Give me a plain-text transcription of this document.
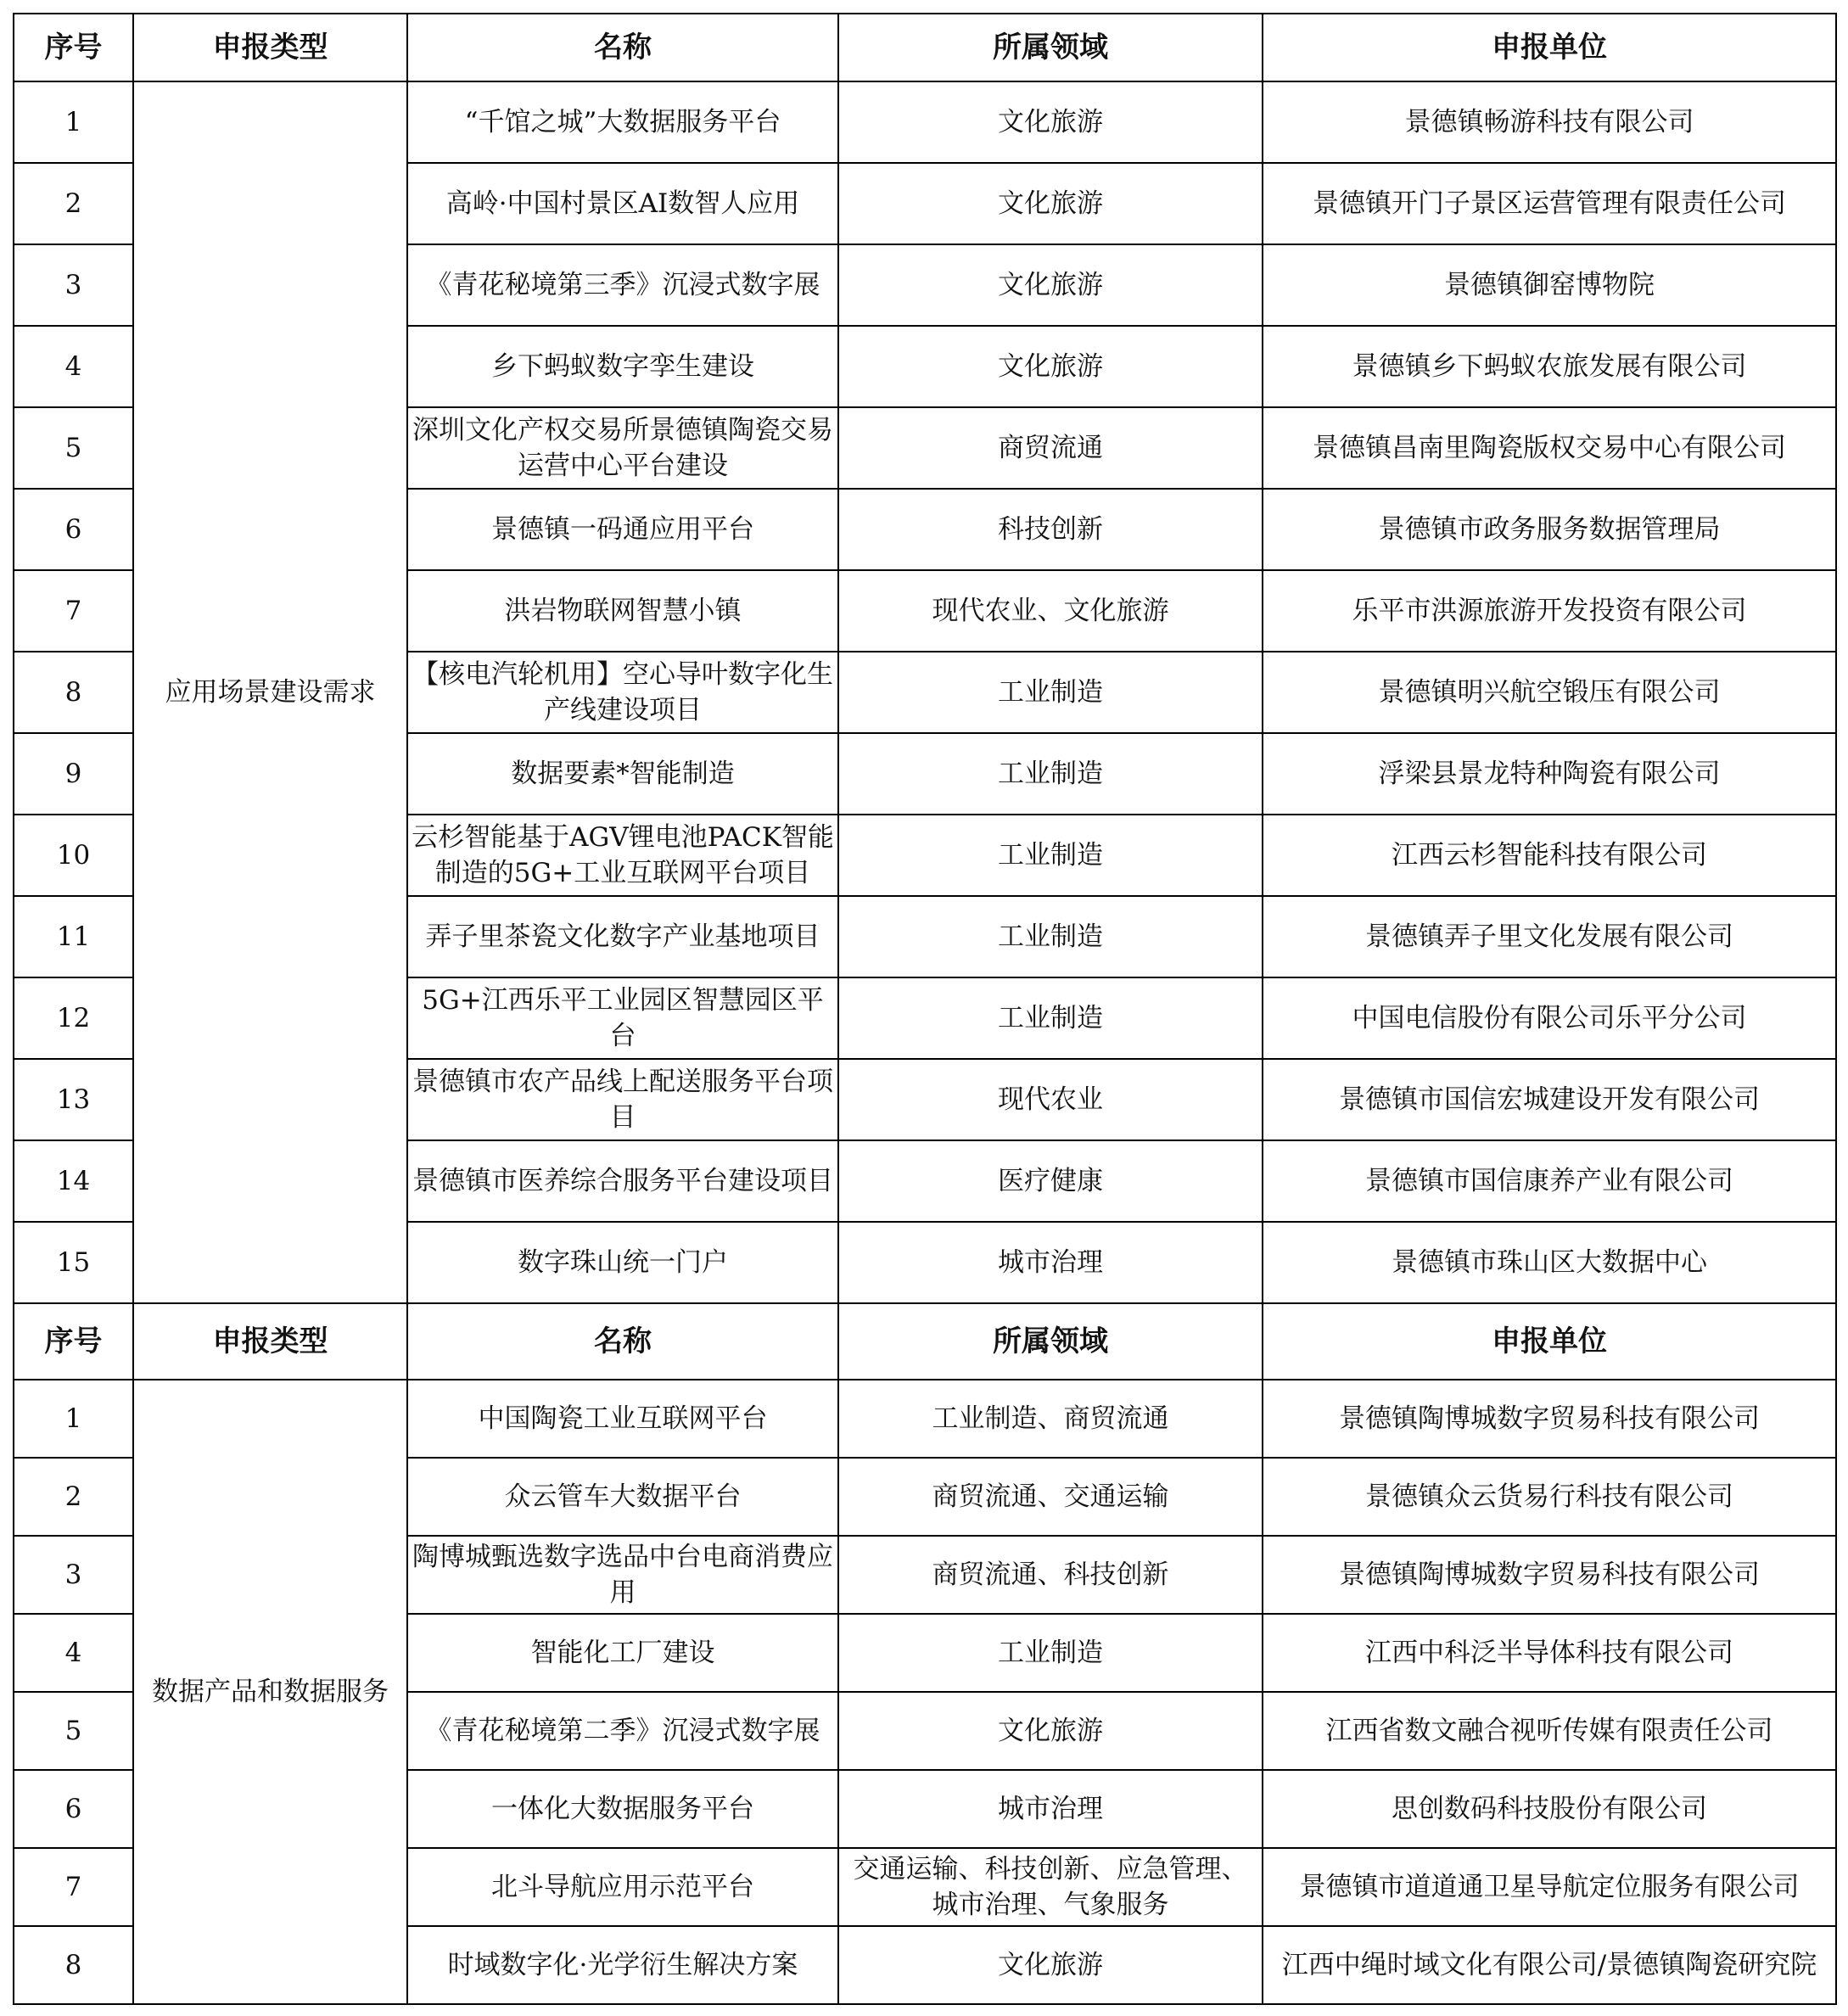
序号	申报类型	名称	所属领域	申报单位
1	应用场景建设需求	“千馆之城”大数据服务平台	文化旅游	景德镇畅游科技有限公司
2		高岭·中国村景区AI数智人应用	文化旅游	景德镇开门子景区运营管理有限责任公司
3		《青花秘境第三季》沉浸式数字展	文化旅游	景德镇御窑博物院
4		乡下蚂蚁数字孪生建设	文化旅游	景德镇乡下蚂蚁农旅发展有限公司
5		深圳文化产权交易所景德镇陶瓷交易运营中心平台建设	商贸流通	景德镇昌南里陶瓷版权交易中心有限公司
6		景德镇一码通应用平台	科技创新	景德镇市政务服务数据管理局
7		洪岩物联网智慧小镇	现代农业、文化旅游	乐平市洪源旅游开发投资有限公司
8		【核电汽轮机用】空心导叶数字化生产线建设项目	工业制造	景德镇明兴航空锻压有限公司
9		数据要素*智能制造	工业制造	浮梁县景龙特种陶瓷有限公司
10		云杉智能基于AGV锂电池PACK智能制造的5G+工业互联网平台项目	工业制造	江西云杉智能科技有限公司
11		弄子里茶瓷文化数字产业基地项目	工业制造	景德镇弄子里文化发展有限公司
12		5G+江西乐平工业园区智慧园区平台	工业制造	中国电信股份有限公司乐平分公司
13		景德镇市农产品线上配送服务平台项目	现代农业	景德镇市国信宏城建设开发有限公司
14		景德镇市医养综合服务平台建设项目	医疗健康	景德镇市国信康养产业有限公司
15		数字珠山统一门户	城市治理	景德镇市珠山区大数据中心
序号	申报类型	名称	所属领域	申报单位
1	数据产品和数据服务	中国陶瓷工业互联网平台	工业制造、商贸流通	景德镇陶博城数字贸易科技有限公司
2		众云管车大数据平台	商贸流通、交通运输	景德镇众云货易行科技有限公司
3		陶博城甄选数字选品中台电商消费应用	商贸流通、科技创新	景德镇陶博城数字贸易科技有限公司
4		智能化工厂建设	工业制造	江西中科泛半导体科技有限公司
5		《青花秘境第二季》沉浸式数字展	文化旅游	江西省数文融合视听传媒有限责任公司
6		一体化大数据服务平台	城市治理	思创数码科技股份有限公司
7		北斗导航应用示范平台	交通运输、科技创新、应急管理、城市治理、气象服务	景德镇市道道通卫星导航定位服务有限公司
8		时域数字化·光学衍生解决方案	文化旅游	江西中绳时域文化有限公司/景德镇陶瓷研究院
